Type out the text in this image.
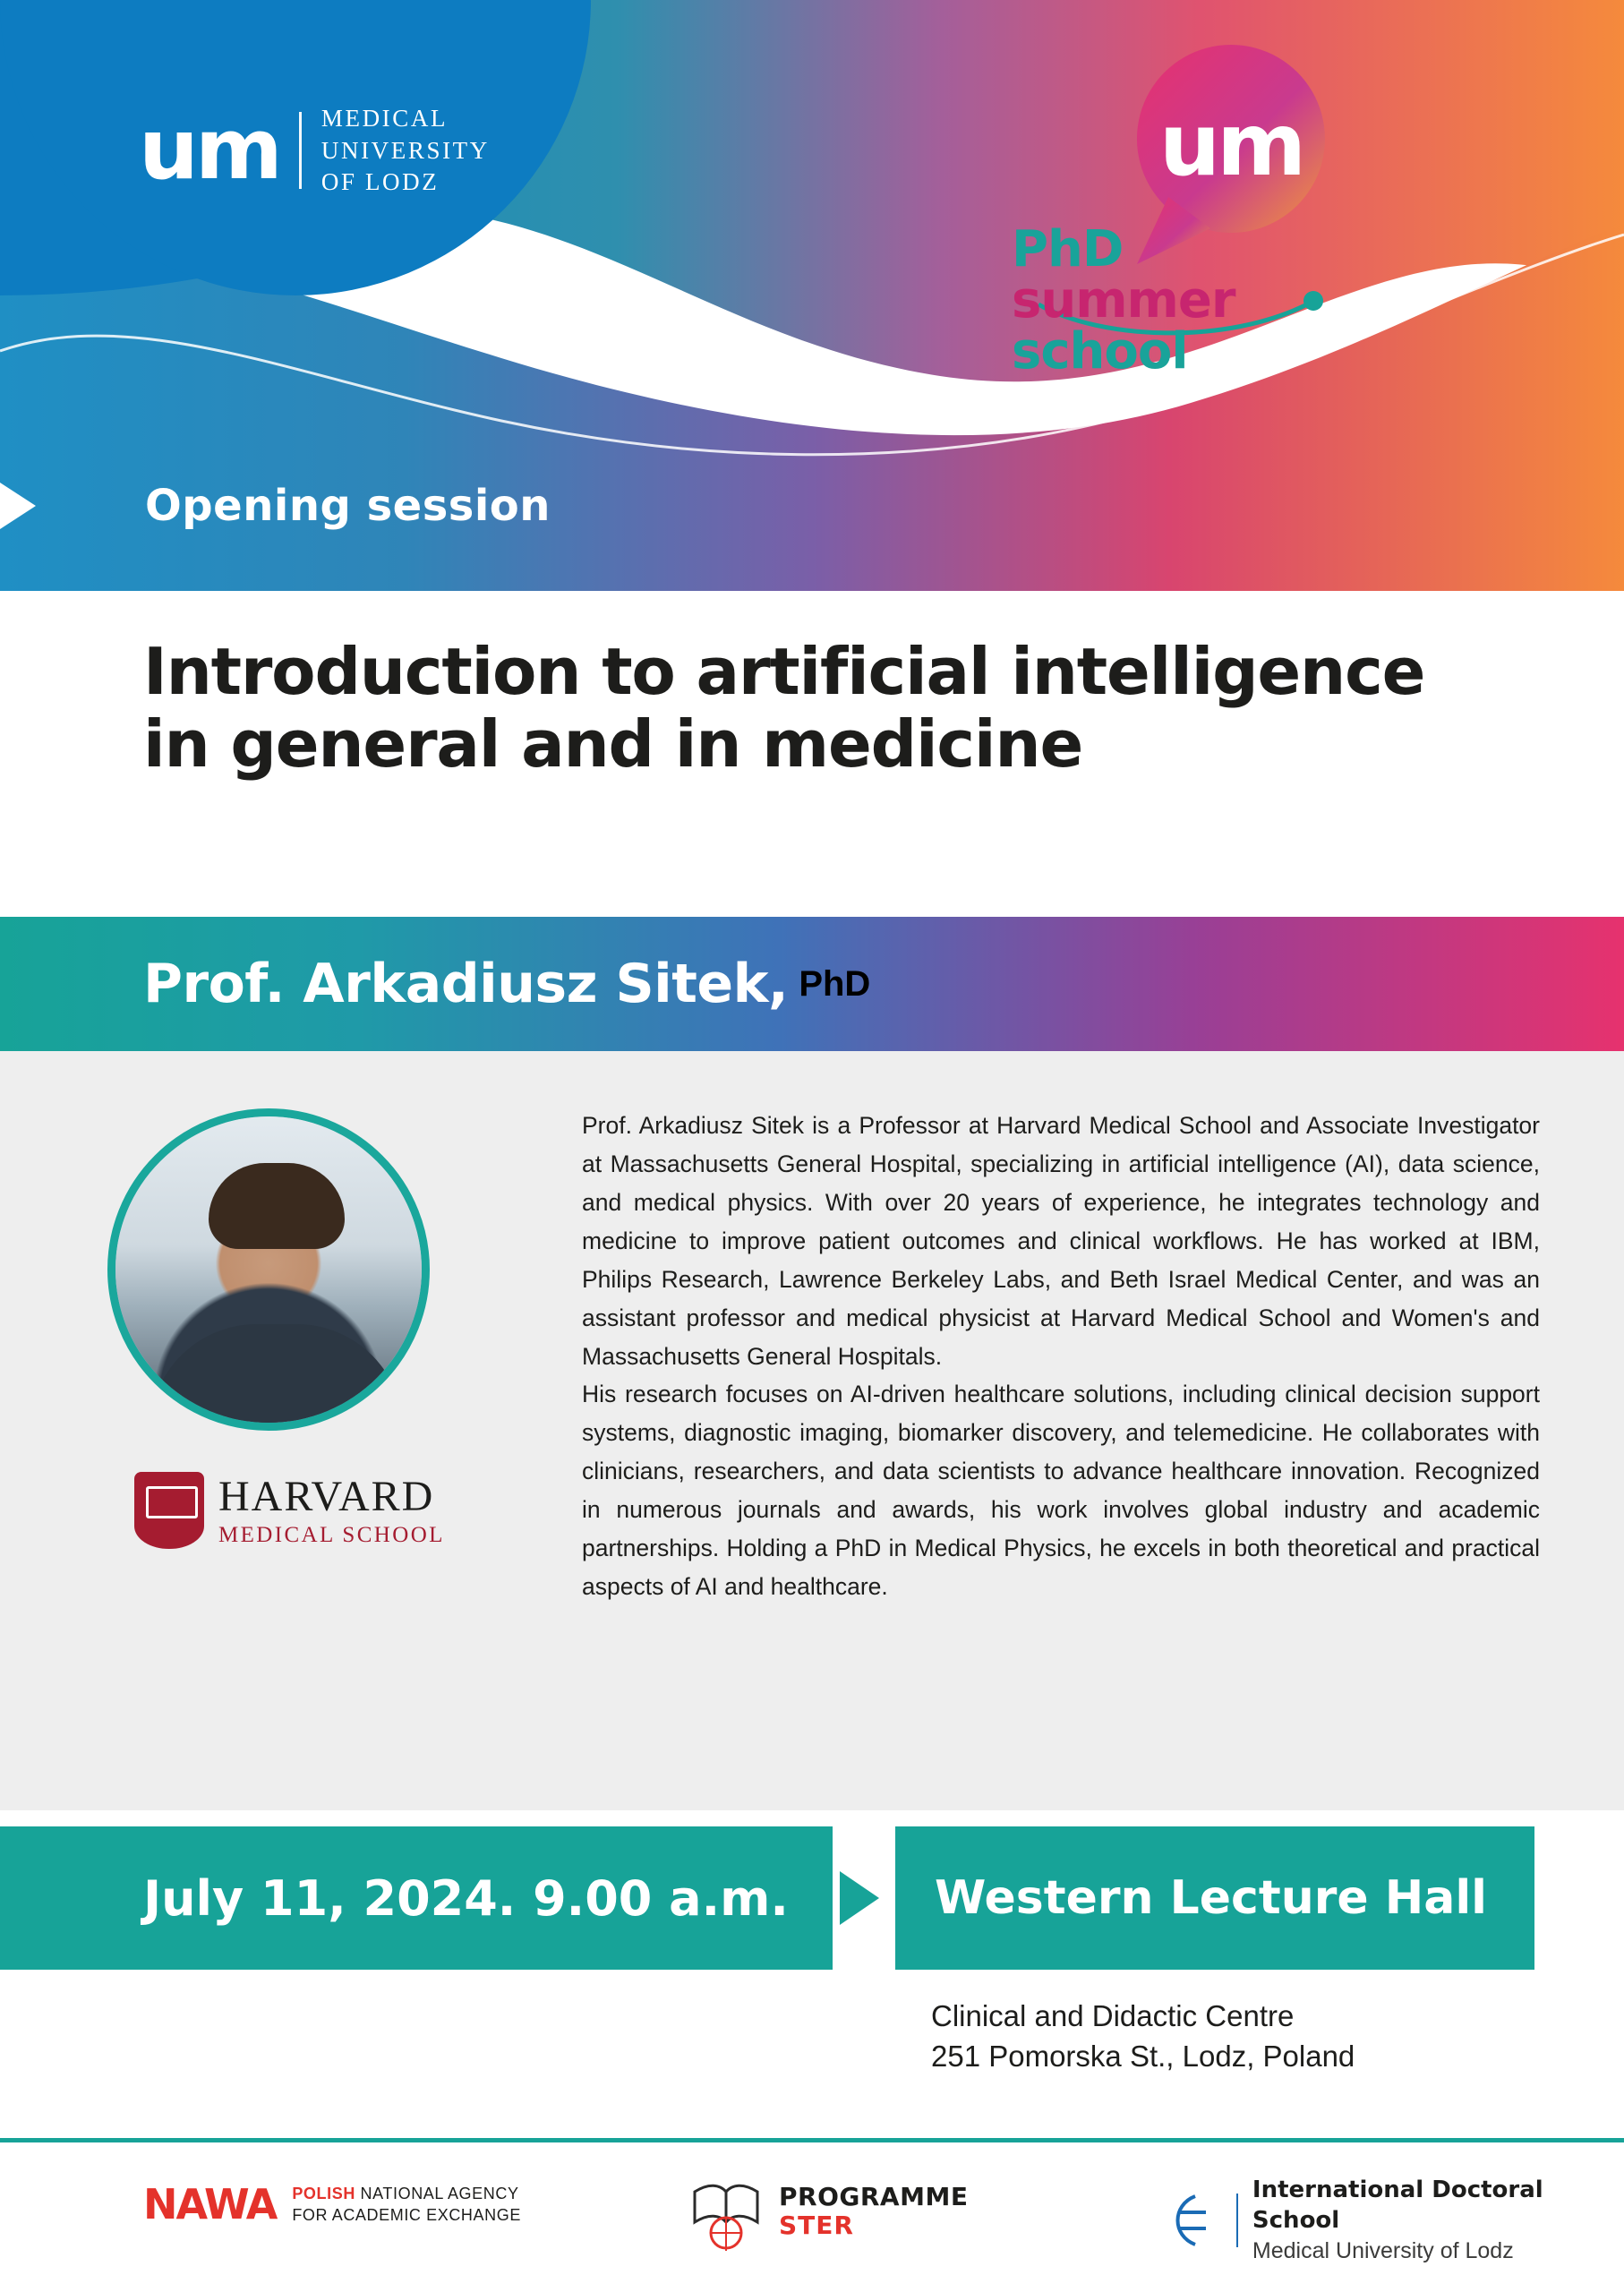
um MEDICAL
UNIVERSITY
OF LODZ	um
PhD
summer
school
Opening session
Introduction to artificial intelligence
in general and in medicine
Prof. Arkadiusz Sitek, PhD
HARVARD
MEDICAL SCHOOL

Prof. Arkadiusz Sitek is a Professor at Harvard Medical School and Associate Investigator at Massachusetts General Hospital, specializing in artificial intelligence (AI), data science, and medical physics. With over 20 years of experience, he integrates technology and medicine to improve patient outcomes and clinical workflows. He has worked at IBM, Philips Research, Lawrence Berkeley Labs, and Beth Israel Medical Center, and was an assistant professor and medical physicist at Harvard Medical School and Women's and Massachusetts General Hospitals.

His research focuses on AI-driven healthcare solutions, including clinical decision support systems, diagnostic imaging, biomarker discovery, and telemedicine. He collaborates with clinicians, researchers, and data scientists to advance healthcare innovation. Recognized in numerous journals and awards, his work involves global industry and academic partnerships. Holding a PhD in Medical Physics, he excels in both theoretical and practical aspects of AI and healthcare.

July 11, 2024. 9.00 a.m.	Western Lecture Hall
Clinical and Didactic Centre
251 Pomorska St., Lodz, Poland
NAWA POLISH NATIONAL AGENCY
FOR ACADEMIC EXCHANGE
PROGRAMME
STER
International Doctoral School
Medical University of Lodz
